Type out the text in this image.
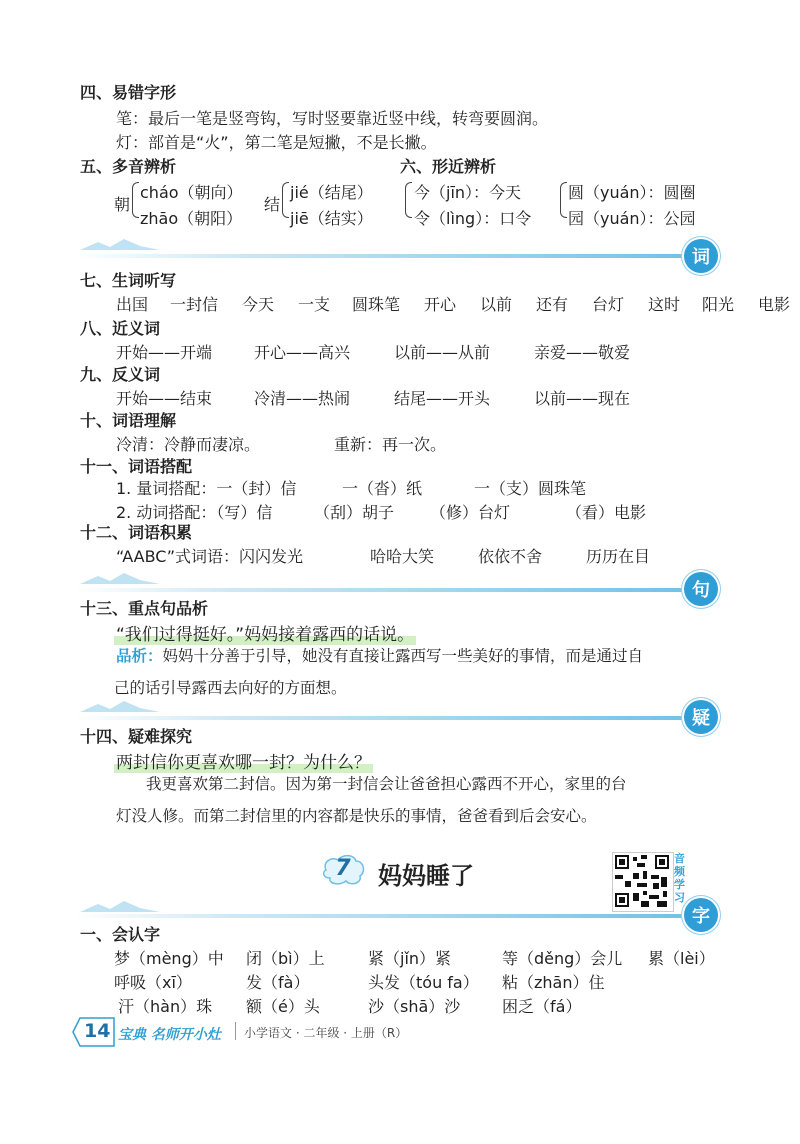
四、易错字形
笔：最后一笔是竖弯钩，写时竖要靠近竖中线，转弯要圆润。
灯：部首是“火”，第二笔是短撇，不是长撇。
五、多音辨析	六、形近辨析
朝
cháo（朝向）
zhāo（朝阳）
结
jié（结尾）
jiē（结实）
今（jīn）：今天
令（lìng）：口令
圆（yuán）：圆圈
园（yuán）：公园
词
七、生词听写
出国 一封信 今天 一支 圆珠笔 开心 以前 还有 台灯 这时 阳光 电影
八、近义词
开始——开端	开心——高兴	以前——从前	亲爱——敬爱
九、反义词
开始——结束	冷清——热闹	结尾——开头	以前——现在
十、词语理解
冷清：冷静而凄凉。	重新：再一次。
十一、词语搭配
1. 量词搭配：一（封）信	一（沓）纸	一（支）圆珠笔
2. 动词搭配：（写）信	（刮）胡子 （修）台灯	（看）电影
十二、词语积累
“AABC”式词语：闪闪发光	哈哈大笑	依依不舍	历历在目
句
十三、重点句品析
“我们过得挺好。”妈妈接着露西的话说。
品析：妈妈十分善于引导，她没有直接让露西写一些美好的事情，而是通过自
己的话引导露西去向好的方面想。
疑
十四、疑难探究
两封信你更喜欢哪一封？为什么？
我更喜欢第二封信。因为第一封信会让爸爸担心露西不开心，家里的台
灯没人修。而第二封信里的内容都是快乐的事情，爸爸看到后会安心。
7	妈妈睡了
音频学习
字
一、会认字
梦（mèng）中 闭（bì）上	紧（jǐn）紧	等（děng）会儿 累（lèi）
呼吸（xī）	发（fà）	头发（tóu fa） 粘（zhān）住
汗（hàn）珠 额（é）头	沙（shā）沙	困乏（fá）
14 宝典 名师开小灶 小学语文 · 二年级 · 上册（R）
